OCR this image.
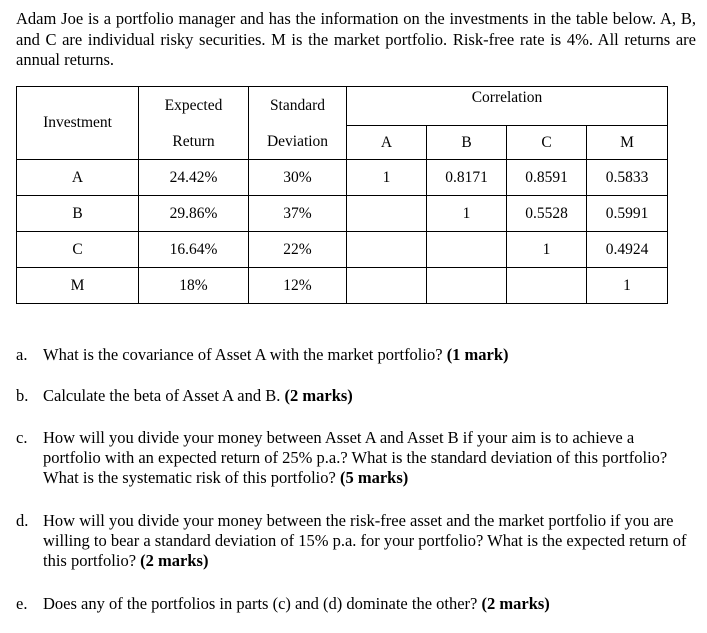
Adam Joe is a portfolio manager and has the information on the investments in the table below. A, B, and C are individual risky securities. M is the market portfolio. Risk-free rate is 4%. All returns are annual returns.
Investment	Expected	Standard	Correlation			
	Return	Deviation	A	B	C	M
A	24.42%	30%	1	0.8171	0.8591	0.5833
B	29.86%	37%		1	0.5528	0.5991
C	16.64%	22%			1	0.4924
M	18%	12%				1
a. What is the covariance of Asset A with the market portfolio? (1 mark)
b. Calculate the beta of Asset A and B. (2 marks)
c. How will you divide your money between Asset A and Asset B if your aim is to achieve a portfolio with an expected return of 25% p.a.? What is the standard deviation of this portfolio? What is the systematic risk of this portfolio? (5 marks)
d. How will you divide your money between the risk-free asset and the market portfolio if you are willing to bear a standard deviation of 15% p.a. for your portfolio? What is the expected return of this portfolio? (2 marks)
e. Does any of the portfolios in parts (c) and (d) dominate the other? (2 marks)
